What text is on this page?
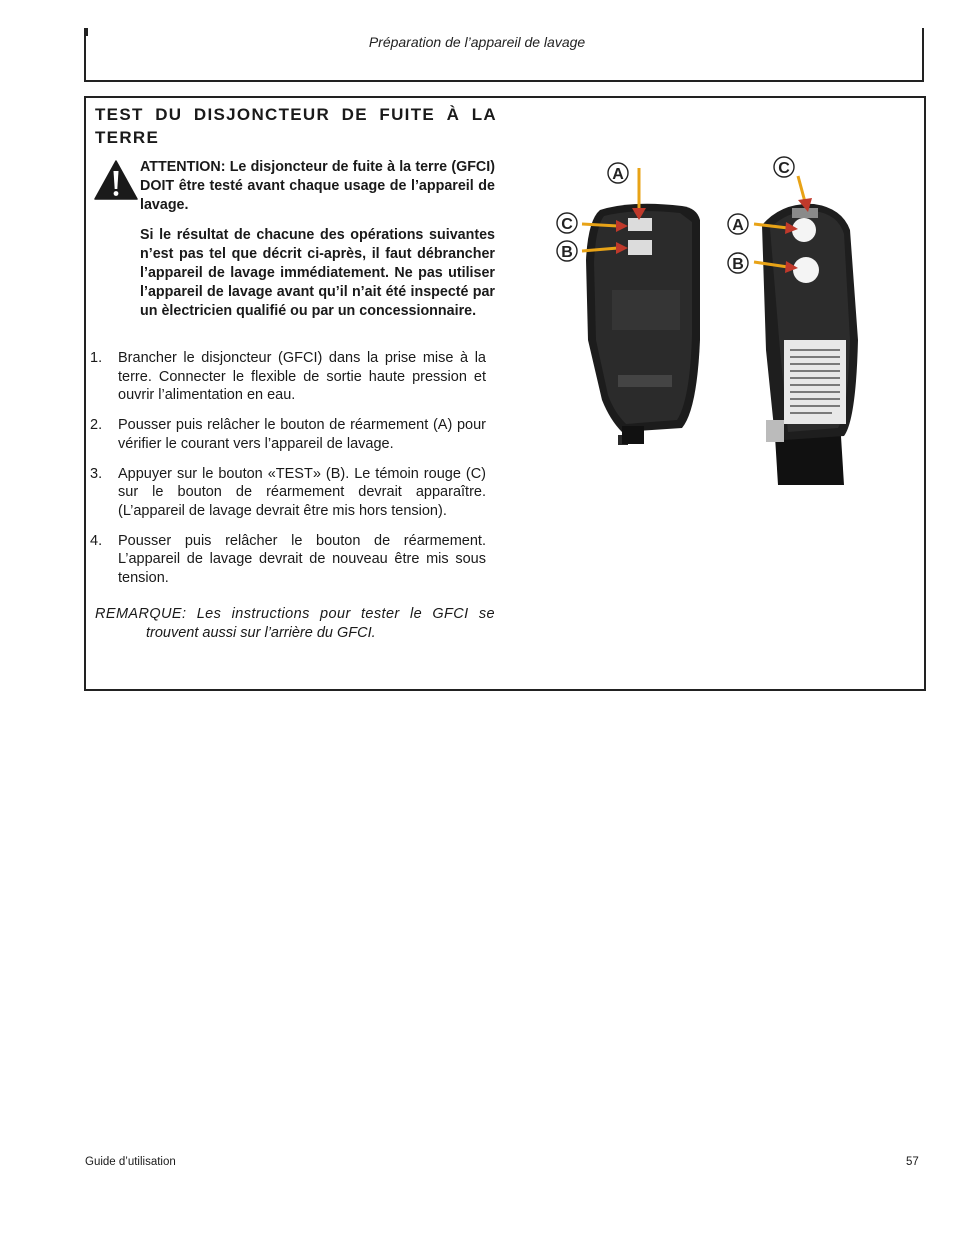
Préparation de l’appareil de lavage
TEST DU DISJONCTEUR DE FUITE À LA TERRE

ATTENTION: Le disjoncteur de fuite à la terre (GFCI) DOIT être testé avant chaque usage de l’appareil de lavage.

Si le résultat de chacune des opérations suivantes n’est pas tel que décrit ci-après, il faut débrancher l’appareil de lavage immédiatement. Ne pas utiliser l’appareil de lavage avant qu’il n’ait été inspecté par un èlectricien qualifié ou par un concessionnaire.

1. Brancher le disjoncteur (GFCI) dans la prise mise à la terre. Connecter le flexible de sortie haute pression et ouvrir l’alimentation en eau.
2. Pousser puis relâcher le bouton de réarmement (A) pour vérifier le courant vers l’appareil de lavage.
3. Appuyer sur le bouton «TEST» (B). Le témoin rouge (C) sur le bouton de réarmement devrait apparaître. (L’appareil de lavage devrait être mis hors tension).
4. Pousser puis relâcher le bouton de réarmement. L’appareil de lavage devrait de nouveau être mis sous tension.
REMARQUE: Les instructions pour tester le GFCI se
trouvent aussi sur l’arrière du GFCI.
A
C
B
C
A
B
Guide d’utilisation	57
